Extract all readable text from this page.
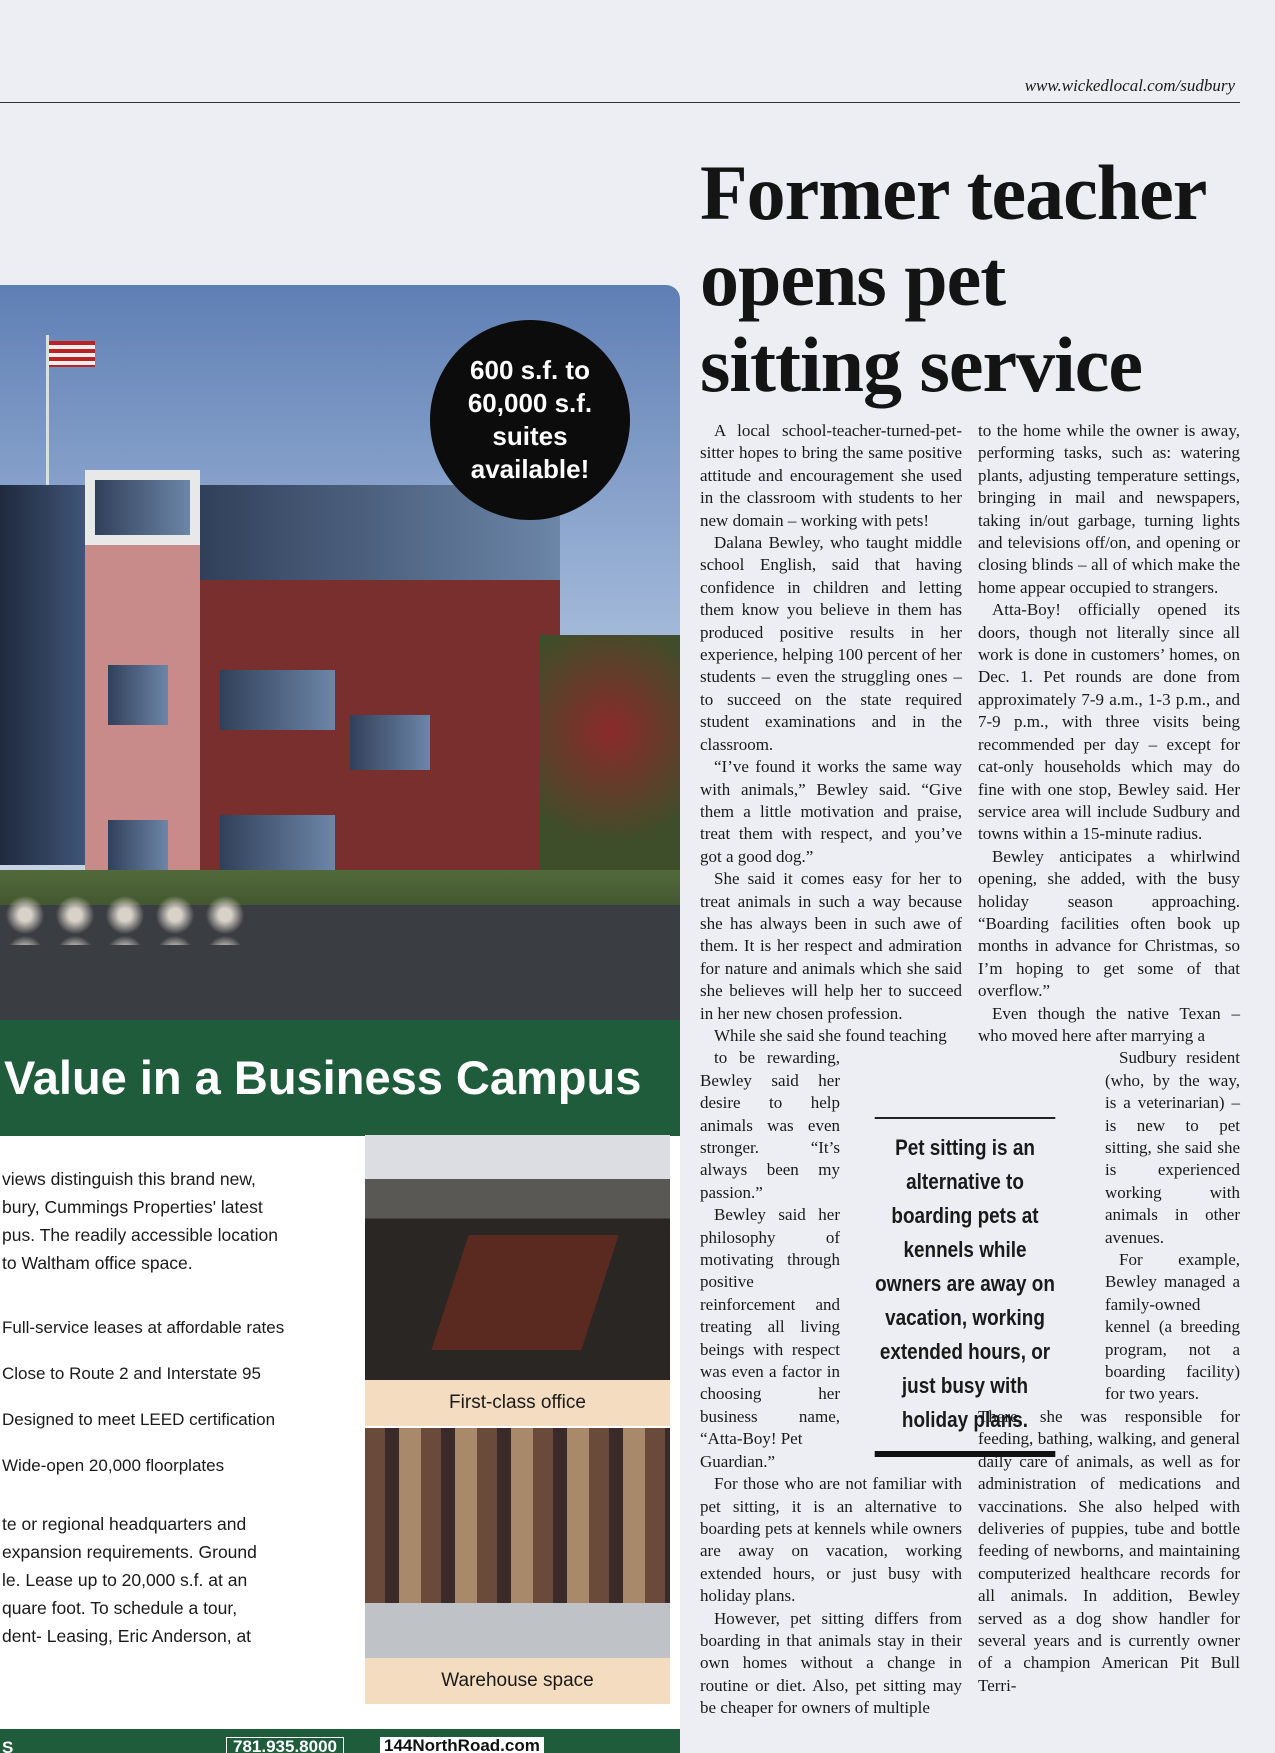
www.wickedlocal.com/sudbury
600 s.f. to 60,000 s.f. suites available!
Value in a Business Campus

views distinguish this brand new,
bury, Cummings Properties' latest
pus. The readily accessible location
to Waltham office space.

Full-service leases at affordable rates
Close to Route 2 and Interstate 95
Designed to meet LEED certification
Wide-open 20,000 floorplates

te or regional headquarters and
expansion requirements. Ground
le. Lease up to 20,000 s.f. at an
quare foot. To schedule a tour,
dent- Leasing, Eric Anderson, at

First-class office
Warehouse space
S	781.935.8000	144NorthRoad.com
Former teacher
opens pet
sitting service

A local school-teacher-turned-pet-sitter hopes to bring the same positive attitude and encouragement she used in the classroom with students to her new domain – working with pets!

Dalana Bewley, who taught middle school English, said that having confidence in children and letting them know you believe in them has produced positive results in her experience, helping 100 percent of her students – even the struggling ones – to succeed on the state required student examinations and in the classroom.

“I’ve found it works the same way with animals,” Bewley said. “Give them a little motivation and praise, treat them with respect, and you’ve got a good dog.”

She said it comes easy for her to treat animals in such a way because she has always been in such awe of them. It is her respect and admiration for nature and animals which she said she believes will help her to succeed in her new chosen profession.

While she said she found teaching

to be rewarding, Bewley said her desire to help animals was even stronger. “It’s always been my passion.”

Bewley said her philosophy of motivating through positive reinforcement and treating all living beings with respect was even a factor in choosing her business name, “Atta-Boy! Pet

Guardian.”

For those who are not familiar with pet sitting, it is an alternative to boarding pets at kennels while owners are away on vacation, working extended hours, or just busy with holiday plans.

However, pet sitting differs from boarding in that animals stay in their own homes without a change in routine or diet. Also, pet sitting may be cheaper for owners of multiple

to the home while the owner is away, performing tasks, such as: watering plants, adjusting temperature settings, bringing in mail and newspapers, taking in/out garbage, turning lights and televisions off/on, and opening or closing blinds – all of which make the home appear occupied to strangers.

Atta-Boy! officially opened its doors, though not literally since all work is done in customers’ homes, on Dec. 1. Pet rounds are done from approximately 7-9 a.m., 1-3 p.m., and 7-9 p.m., with three visits being recommended per day – except for cat-only households which may do fine with one stop, Bewley said. Her service area will include Sudbury and towns within a 15-minute radius.

Bewley anticipates a whirlwind opening, she added, with the busy holiday season approaching. “Boarding facilities often book up months in advance for Christmas, so I’m hoping to get some of that overflow.”

Even though the native Texan – who moved here after marrying a

Sudbury resident (who, by the way, is a veterinarian) – is new to pet sitting, she said she is experienced working with animals in other avenues.

For example, Bewley managed a family-owned kennel (a breeding program, not a boarding facility) for two years.

There, she was responsible for feeding, bathing, walking, and general daily care of animals, as well as for administration of medications and vaccinations. She also helped with deliveries of puppies, tube and bottle feeding of newborns, and maintaining computerized healthcare records for all animals. In addition, Bewley served as a dog show handler for several years and is currently owner of a champion American Pit Bull Terri-

Pet sitting is an alternative to boarding pets at kennels while owners are away on vacation, working extended hours, or just busy with holiday plans.
